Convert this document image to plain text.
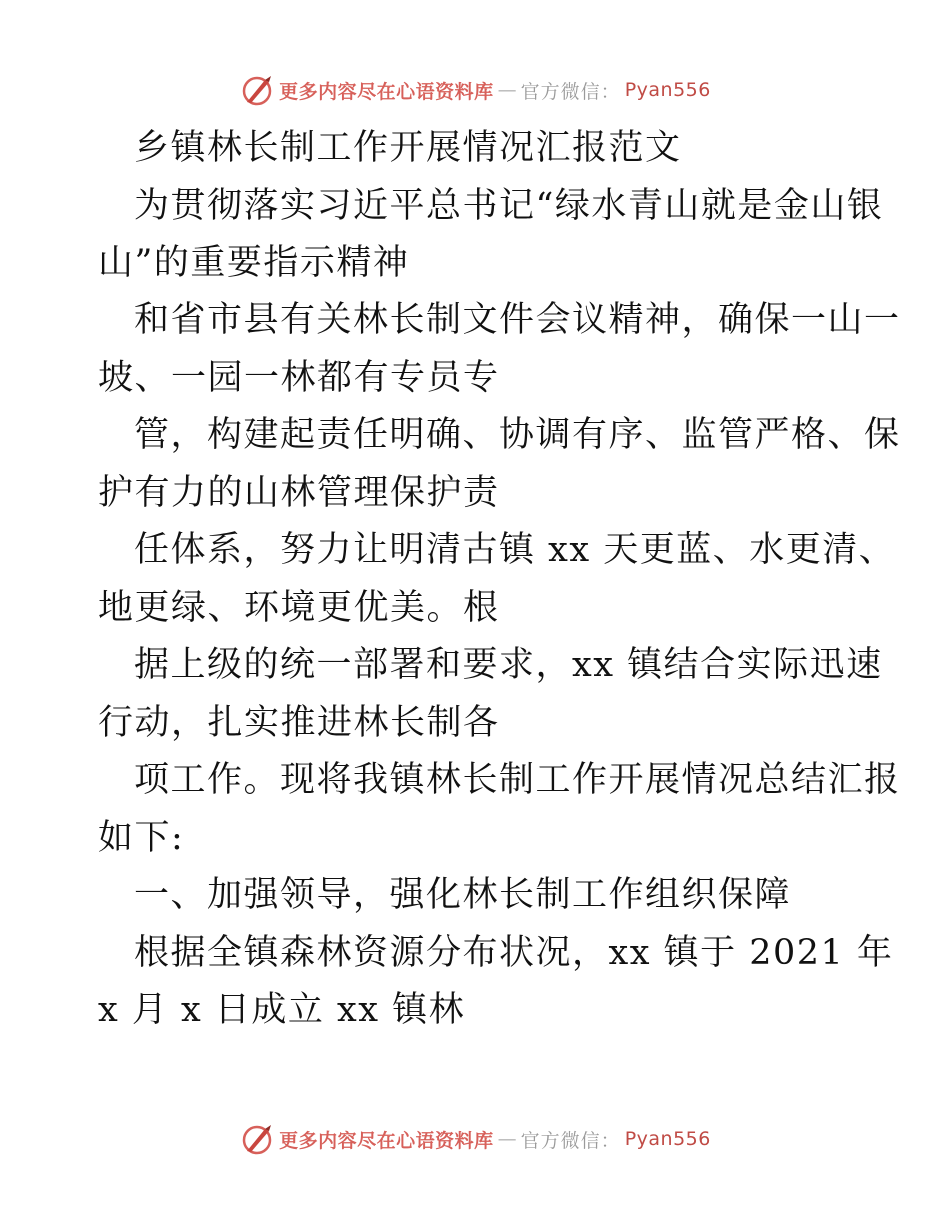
更多内容尽在心语资料库 — 官方微信： Pyan556
乡镇林长制工作开展情况汇报范文
为贯彻落实习近平总书记“绿水青山就是金山银
山”的重要指示精神
和省市县有关林长制文件会议精神，确保一山一
坡、一园一林都有专员专
管，构建起责任明确、协调有序、监管严格、保
护有力的山林管理保护责
任体系，努力让明清古镇 xx 天更蓝、水更清、
地更绿、环境更优美。根
据上级的统一部署和要求，xx 镇结合实际迅速
行动，扎实推进林长制各
项工作。现将我镇林长制工作开展情况总结汇报
如下:
一、加强领导，强化林长制工作组织保障
根据全镇森林资源分布状况，xx 镇于 2021 年
x 月 x 日成立 xx 镇林
更多内容尽在心语资料库 — 官方微信： Pyan556
